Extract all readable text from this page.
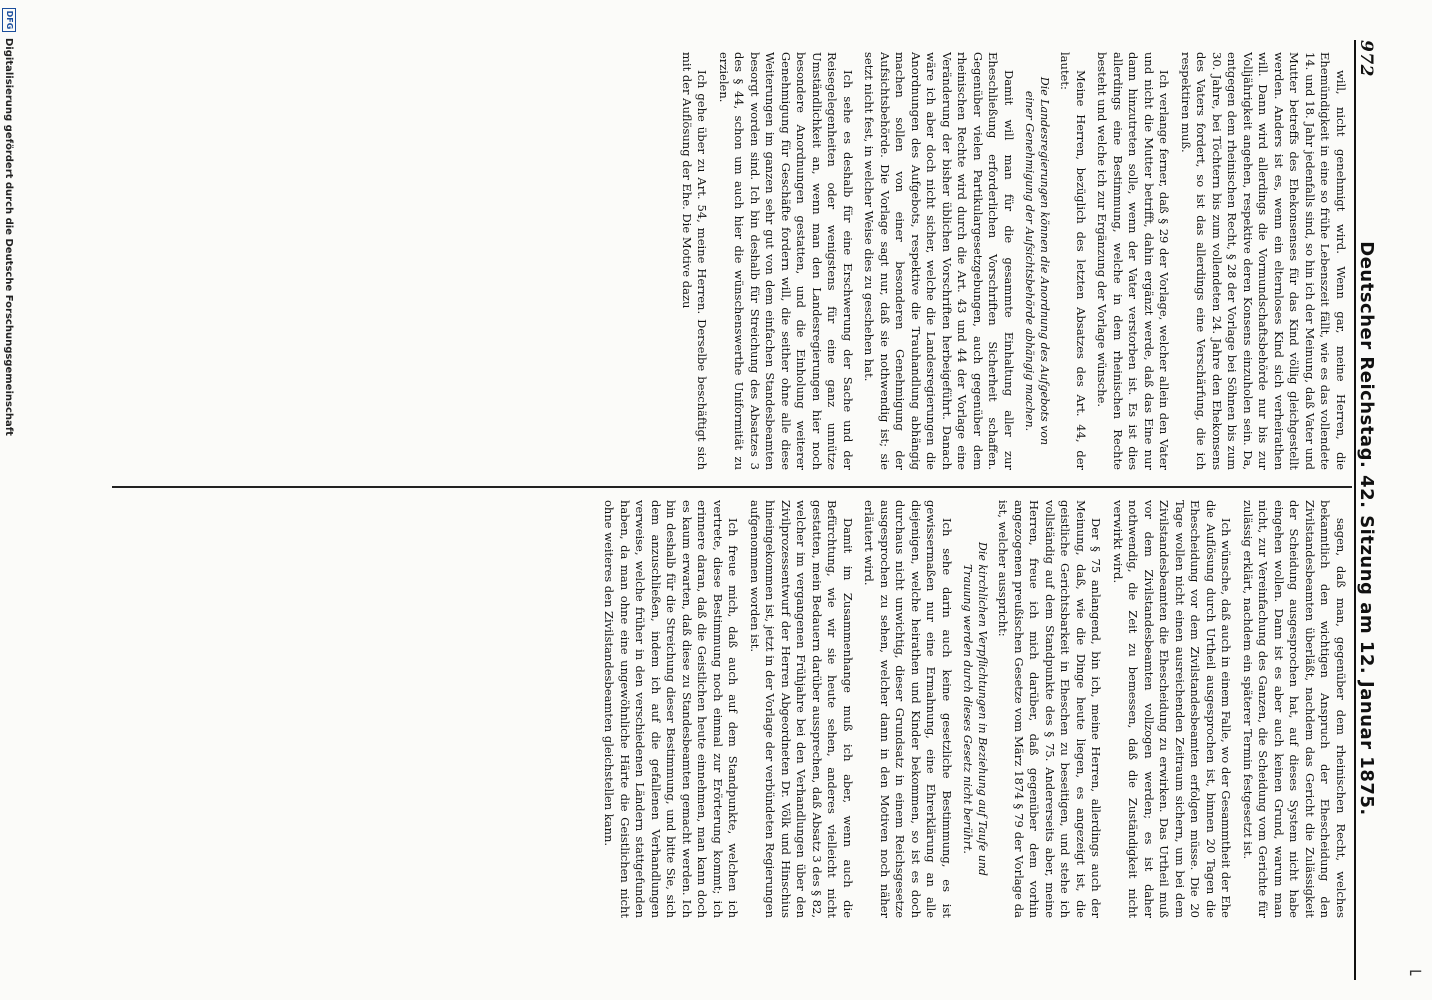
972
Deutscher Reichstag. 42. Sitzung am 12. Januar 1875.

will, nicht genehmigt wird. Wenn gar, meine Herren, die Ehemündigkeit in eine so frühe Lebenszeit fällt, wie es das vollendete 14. und 18. Jahr jedenfalls sind, so hin ich der Meinung, daß Vater und Mutter betreffs des Ehekonsenses für das Kind völlig gleichgestellt werden. Anders ist es, wenn ein elternloses Kind sich verheirathen will. Dann wird allerdings die Vormundschaftsbehörde nur bis zur Volljährigkeit angehen, respektive deren Konsens einzuholen sein. Da, entgegen dem rheinischen Recht, § 28 der Vorlage bei Söhnen bis zum 30. Jahre, bei Töchtern bis zum vollendeten 24. Jahre den Ehekonsens des Vaters fordert, so ist das allerdings eine Verschärfung, die ich respektiren muß.

Ich verlange ferner, daß § 29 der Vorlage, welcher allein den Vater und nicht die Mutter betrifft, dahin ergänzt werde, daß das Eine nur dann hinzutreten solle, wenn der Vater verstorben ist. Es ist dies allerdings eine Bestimmung, welche in dem rheinischen Rechte besteht und welche ich zur Ergänzung der Vorlage wünsche.

Meine Herren, bezüglich des letzten Absatzes des Art. 44, der lautet:

Die Landesregierungen können die Anordnung des Aufgebots von einer Genehmigung der Aufsichtsbehörde abhängig machen.

Damit will man für die gesammte Einhaltung aller zur Eheschließung erforderlichen Vorschriften Sicherheit schaffen. Gegenüber vielen Partikulargesetzgebungen, auch gegenüber dem rheinischen Rechte wird durch die Art. 43 und 44 der Vorlage eine Veränderung der bisher üblichen Vorschriften herbeigeführt. Danach wäre ich aber doch nicht sicher, welche die Landesregierungen die Anordnungen des Aufgebots, respektive die Trauhandlung abhängig machen sollen von einer besonderen Genehmigung der Aufsichtsbehörde. Die Vorlage sagt nur, daß sie nothwendig ist; sie setzt nicht fest, in welcher Weise dies zu geschehen hat.

Ich sehe es deshalb für eine Erschwerung der Sache und der Reisegelegenheiten oder wenigstens für eine ganz unnütze Umständlichkeit an, wenn man den Landesregierungen hier noch besondere Anordnungen gestatten, und die Einholung weiterer Genehmigung für Geschäfte fordern will, die seither ohne alle diese Weiterungen im ganzen sehr gut von dem einfachen Standesbeamten besorgt worden sind. Ich bin deshalb für Streichung des Absatzes 3 des § 44, schon um auch hier die wünschenswerthe Uniformität zu erzielen.

Ich gehe über zu Art. 54, meine Herren. Derselbe beschäftigt sich mit der Auflösung der Ehe. Die Motive dazu

sagen, daß man, gegenüber dem rheinischen Recht, welches bekanntlich den wichtigen Anspruch der Ehescheidung den Zivilstandesbeamten überläßt, nachdem das Gericht die Zulässigkeit der Scheidung ausgesprochen hat, auf dieses System nicht habe eingehen wollen. Dann ist es aber auch keinen Grund, warum man nicht, zur Vereinfachung des Ganzen, die Scheidung vom Gerichte für zulässig erklärt, nachdem ein späterer Termin festgesetzt ist.

Ich wünsche, daß auch in einem Falle, wo der Gesammtheit der Ehe die Auflösung durch Urtheil ausgesprochen ist, binnen 20 Tagen die Ehescheidung vor dem Zivilstandesbeamten erfolgen müsse. Die 20 Tage wollen nicht einen ausreichenden Zeitraum sichern, um bei dem Zivilstandesbeamten die Ehescheidung zu erwirken. Das Urtheil muß vor dem Zivilstandesbeamten vollzogen werden; es ist daher nothwendig, die Zeit zu bemessen, daß die Zuständigkeit nicht verwirkt wird.

Der § 75 anlangend, bin ich, meine Herren, allerdings auch der Meinung, daß, wie die Dinge heute liegen, es angezeigt ist, die geistliche Gerichtsbarkeit in Eheschen zu beseitigen, und stehe ich vollständig auf dem Standpunkte des § 75. Andererseits aber, meine Herren, freue ich mich darüber, daß gegenüber dem vorhin angezogenen preußischen Gesetze vom März 1874 § 79 der Vorlage da ist, welcher ausspricht:

Die kirchlichen Verpflichtungen in Beziehung auf Taufe und Trauung werden durch dieses Gesetz nicht berührt.

Ich sehe darin auch keine gesetzliche Bestimmung, es ist gewissermaßen nur eine Ermahnung, eine Ehrerklärung an alle diejenigen, welche heirathen und Kinder bekommen, so ist es doch durchaus nicht unwichtig, dieser Grundsatz in einem Reichsgesetze ausgesprochen zu sehen, welcher dann in den Motiven noch näher erläutert wird.

Damit im Zusammenhange muß ich aber, wenn auch die Befürchtung, wie wir sie heute sehen, anderes vielleicht nicht gestatten, mein Bedauern darüber aussprechen, daß Absatz 3 des § 82, welcher im vergangenen Frühjahre bei den Verhandlungen über den Zivilprozessentwurf der Herren Abgeordneten Dr. Völk und Hinschius hineingekommen ist, jetzt in der Vorlage der verbündeten Regierungen aufgenommen worden ist.

Ich freue mich, daß auch auf dem Standpunkte, welchen ich vertrete, diese Bestimmung noch einmal zur Erörterung kommt; ich erinnere daran, daß die Geistlichen heute einnehmen, man kann doch es kaum erwarten, daß diese zu Standesbeamten gemacht werden. Ich bin deshalb für die Streichung dieser Bestimmung, und bitte Sie, sich dem anzuschließen, indem ich auf die gefallenen Verhandlungen verweise, welche früher in den verschiedenen Ländern stattgefunden haben, da man ohne eine ungewöhnliche Härte die Geistlichen nicht ohne weiteres den Zivilstandesbeamten gleichstellen kann.

DFG
Digitalisierung gefördert durch die Deutsche Forschungsgemeinschaft
⌐
